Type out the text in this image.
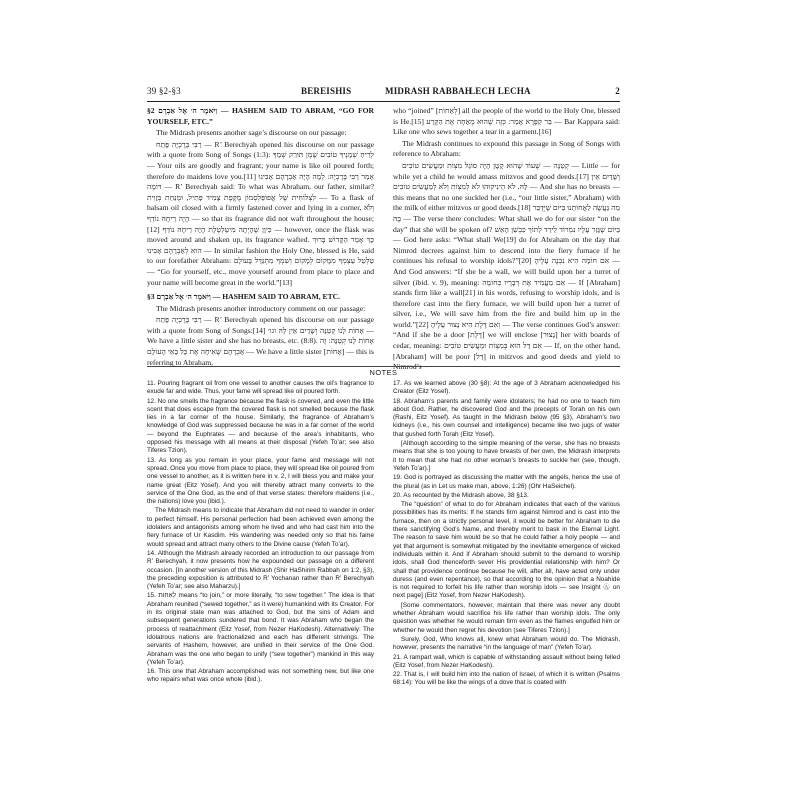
39 §2-§3	BEREISHIS	MIDRASH RABBAH
LECH LECHA	2

§2 וַיֹּאמֶר ה׳ אֶל אַבְרָם — HASHEM SAID TO ABRAM, “GO FOR YOURSELF, ETC.”

The Midrash presents another sage’s discourse on our passage:

רַבִּי בֶּרֶכְיָה פָּתַח — R’ Berechyah opened his discourse on our passage with a quote from Song of Songs (1:3): לְרֵיחַ שְׁמָנֶיךָ טוֹבִים שֶׁמֶן תּוּרַק שְׁמֶךָ — Your oils are goodly and fragrant; your name is like oil poured forth; therefore do maidens love you.[11] אָמַר רַבִּי בֶּרֶכְיָה: לְמָה הָיָה אַבְרָהָם אָבִינוּ דּוֹמֶה — R’ Berechyah said: To what was Abraham, our father, similar? לִצְלוֹחִית שֶׁל אֲפוֹפַּלְסְמוֹן מֻקֶּפֶת צָמִיד פָּתִיל, וּמֻנַּחַת בְּזָוִית — To a flask of balsam oil closed with a firmly fastened cover and lying in a corner, וְלֹא הָיָה רֵיחָהּ נוֹדֵף — so that its fragrance did not waft throughout the house;[12] כֵּיוָן שֶׁהָיְתָה מִיטַּלְטֶלֶת הָיָה רֵיחָהּ נוֹדֵף — however, once the flask was moved around and shaken up, its fragrance wafted. כָּךְ אָמַר הַקָּדוֹשׁ בָּרוּךְ הוּא לְאַבְרָהָם אָבִינוּ — In similar fashion the Holy One, blessed is He, said to our forefather Abraham: טַלְטֵל עַצְמְךָ מִמָּקוֹם לְמָקוֹם וְשִׁמְךָ מִתְגַּדֵּל בָּעוֹלָם — “Go for yourself, etc., move yourself around from place to place and your name will become great in the world.”[13]

§3 וַיֹּאמֶר ה׳ אֶל אַבְרָם — HASHEM SAID TO ABRAM, ETC.

The Midrash presents another introductory comment on our passage:

רַבִּי בֶּרֶכְיָה פָּתַח — R’ Berechyah opened his discourse on our passage with a quote from Song of Songs:[14] אָחוֹת לָנוּ קְטַנָּה וְשָׁדַיִם אֵין לָהּ וגו׳ — We have a little sister and she has no breasts, etc. (8:8). אָחוֹת לָנוּ קְטַנָּה: זֶה אַבְרָהָם שֶׁאִיחָה אֶת כָּל בָּאֵי הָעוֹלָם — We have a little sister [אָחוֹת] — this is referring to Abraham,

who “joined” [לְאַחוֹת] all the people of the world to the Holy One, blessed is He.[15] בַּר קַפָּרָא אָמַר: כְּזֶה שֶׁהוּא מְאַחָה אֶת הַקֶּרַע — Bar Kappara said: Like one who sews together a tear in a garment.[16]

The Midrash continues to expound this passage in Song of Songs with reference to Abraham:

קְטַנָּה — שֶׁעוֹד שֶׁהוּא קָטָן הָיָה סוֹגֵל מִצְוֹת וּמַעֲשִׂים טוֹבִים — Little — for while yet a child he would amass mitzvos and good deeds.[17] וְשָׁדַיִם אֵין לָהּ, לֹא הֵינִיקוּהוּ לֹא לְמִצְוֹת וְלֹא לְמַעֲשִׂים טוֹבִים — And she has no breasts — this means that no one suckled her (i.e., “our little sister,” Abraham) with the milk of either mitzvos or good deeds.[18] מַה נַּעֲשֶׂה לַאֲחוֹתֵנוּ בַּיּוֹם שֶׁיְּדֻבַּר בָּהּ — The verse there concludes: What shall we do for our sister “on the day” that she will be spoken of? בַּיּוֹם שֶׁגָּזַר עָלָיו נִמְרוֹד לֵירֵד לְתוֹךְ כִּבְשַׁן הָאֵשׁ — God here asks: “What shall We[19] do for Abraham on the day that Nimrod decrees against him to descend into the fiery furnace if he continues his refusal to worship idols?”[20] אִם חוֹמָה הִיא נִבְנֶה עָלֶיהָ — And God answers: “If she be a wall, we will build upon her a turret of silver (ibid. v. 9), meaning: אִם מַעֲמִיד אֶת דְּבָרָיו כְּחוֹמָה — If [Abraham] stands firm like a wall[21] in his words, refusing to worship idols, and is therefore cast into the fiery furnace, we will build upon her a turret of silver, i.e., We will save him from the fire and build him up in the world.”[22] וְאִם דֶּלֶת הִיא נָצוּר עָלֶיהָ — The verse continues God’s answer: “And if she be a door [דֶּלֶת] we will enclose [נָצוּר] her with boards of cedar, meaning: אִם דַּל הוּא בְּמִצְוֹת וּמַעֲשִׂים טוֹבִים — If, on the other hand, [Abraham] will be poor [דַּל] in mitzvos and good deeds and yield to Nimrod’s

NOTES

11. Pouring fragrant oil from one vessel to another causes the oil’s fragrance to exude far and wide. Thus, your fame will spread like oil poured forth.

12. No one smells the fragrance because the flask is covered, and even the little scent that does escape from the covered flask is not smelled because the flask lies in a far corner of the house. Similarly, the fragrance of Abraham’s knowledge of God was suppressed because he was in a far corner of the world — beyond the Euphrates — and because of the area’s inhabitants, who opposed his message with all means at their disposal (Yefeh To’ar; see also Tiferes Tzion).

13. As long as you remain in your place, your fame and message will not spread. Once you move from place to place, they will spread like oil poured from one vessel to another, as it is written here in v. 2, I will bless you and make your name great (Eitz Yosef). And you will thereby attract many converts to the service of the One God, as the end of that verse states: therefore maidens (i.e., the nations) love you (ibid.).

The Midrash means to indicate that Abraham did not need to wander in order to perfect himself. His personal perfection had been achieved even among the idolaters and antagonists among whom he lived and who had cast him into the fiery furnace of Ur Kasdim. His wandering was needed only so that his fame would spread and attract many others to the Divine cause (Yefeh To’ar).

14. Although the Midrash already recorded an introduction to our passage from R’ Berechyah, it now presents how he expounded our passage on a different occasion. [In another version of this Midrash (Shir HaShirim Rabbah on 1:2, §3), the preceding exposition is attributed to R’ Yochanan rather than R’ Berechyah (Yefeh To’ar; see also Maharzu).]

15. לְאַחוֹת means “to join,” or more literally, “to sew together.” The idea is that Abraham reunited (“sewed together,” as it were) humankind with its Creator. For in its original state man was attached to God, but the sins of Adam and subsequent generations sundered that bond. It was Abraham who began the process of reattachment (Eitz Yosef, from Nezer HaKodesh). Alternatively: The idolatrous nations are fractionalized and each has different strivings. The servants of Hashem, however, are unified in their service of the One God. Abraham was the one who began to unify (“sew together”) mankind in this way (Yefeh To’ar).

16. This one that Abraham accomplished was not something new, but like one who repairs what was once whole (ibid.).

17. As we learned above (30 §8): At the age of 3 Abraham acknowledged his Creator (Eitz Yosef).

18. Abraham’s parents and family were idolaters; he had no one to teach him about God. Rather, he discovered God and the precepts of Torah on his own (Rashi, Eitz Yosef). As taught in the Midrash below (95 §3), Abraham’s two kidneys (i.e., his own counsel and intelligence) became like two jugs of water that gushed forth Torah (Eitz Yosef).

[Although according to the simple meaning of the verse, she has no breasts means that she is too young to have breasts of her own, the Midrash interprets it to mean that she had no other woman’s breasts to suckle her (see, though, Yefeh To’ar).]

19. God is portrayed as discussing the matter with the angels, hence the use of the plural (as in Let us make man, above, 1:26) (Ohr HaSeichel).

20. As recounted by the Midrash above, 38 §13.

The “question” of what to do for Abraham indicates that each of the various possibilities has its merits: If he stands firm against Nimrod and is cast into the furnace, then on a strictly personal level, it would be better for Abraham to die there sanctifying God’s Name, and thereby merit to bask in the Eternal Light. The reason to save him would be so that he could father a holy people — and yet that argument is somewhat mitigated by the inevitable emergence of wicked individuals within it. And if Abraham should submit to the demand to worship idols, shall God thenceforth sever His providential relationship with him? Or shall that providence continue because he will, after all, have acted only under duress (and even repentance), so that according to the opinion that a Noahide is not required to forfeit his life rather than worship idols — see Insight Ⓐ on next page] (Eitz Yosef, from Nezer HaKodesh).

[Some commentators, however, maintain that there was never any doubt whether Abraham would sacrifice his life rather than worship idols. The only question was whether he would remain firm even as the flames engulfed him or whether he would then regret his devotion (see Tiferes Tzion).]

Surely, God, Who knows all, knew what Abraham would do. The Midrash, however, presents the narrative “in the language of man” (Yefeh To’ar).

21. A rampart wall, which is capable of withstanding assault without being felled (Eitz Yosef, from Nezer HaKodesh).

22. That is, I will build him into the nation of Israel, of which it is written (Psalms 68:14): You will be like the wings of a dove that is coated with
